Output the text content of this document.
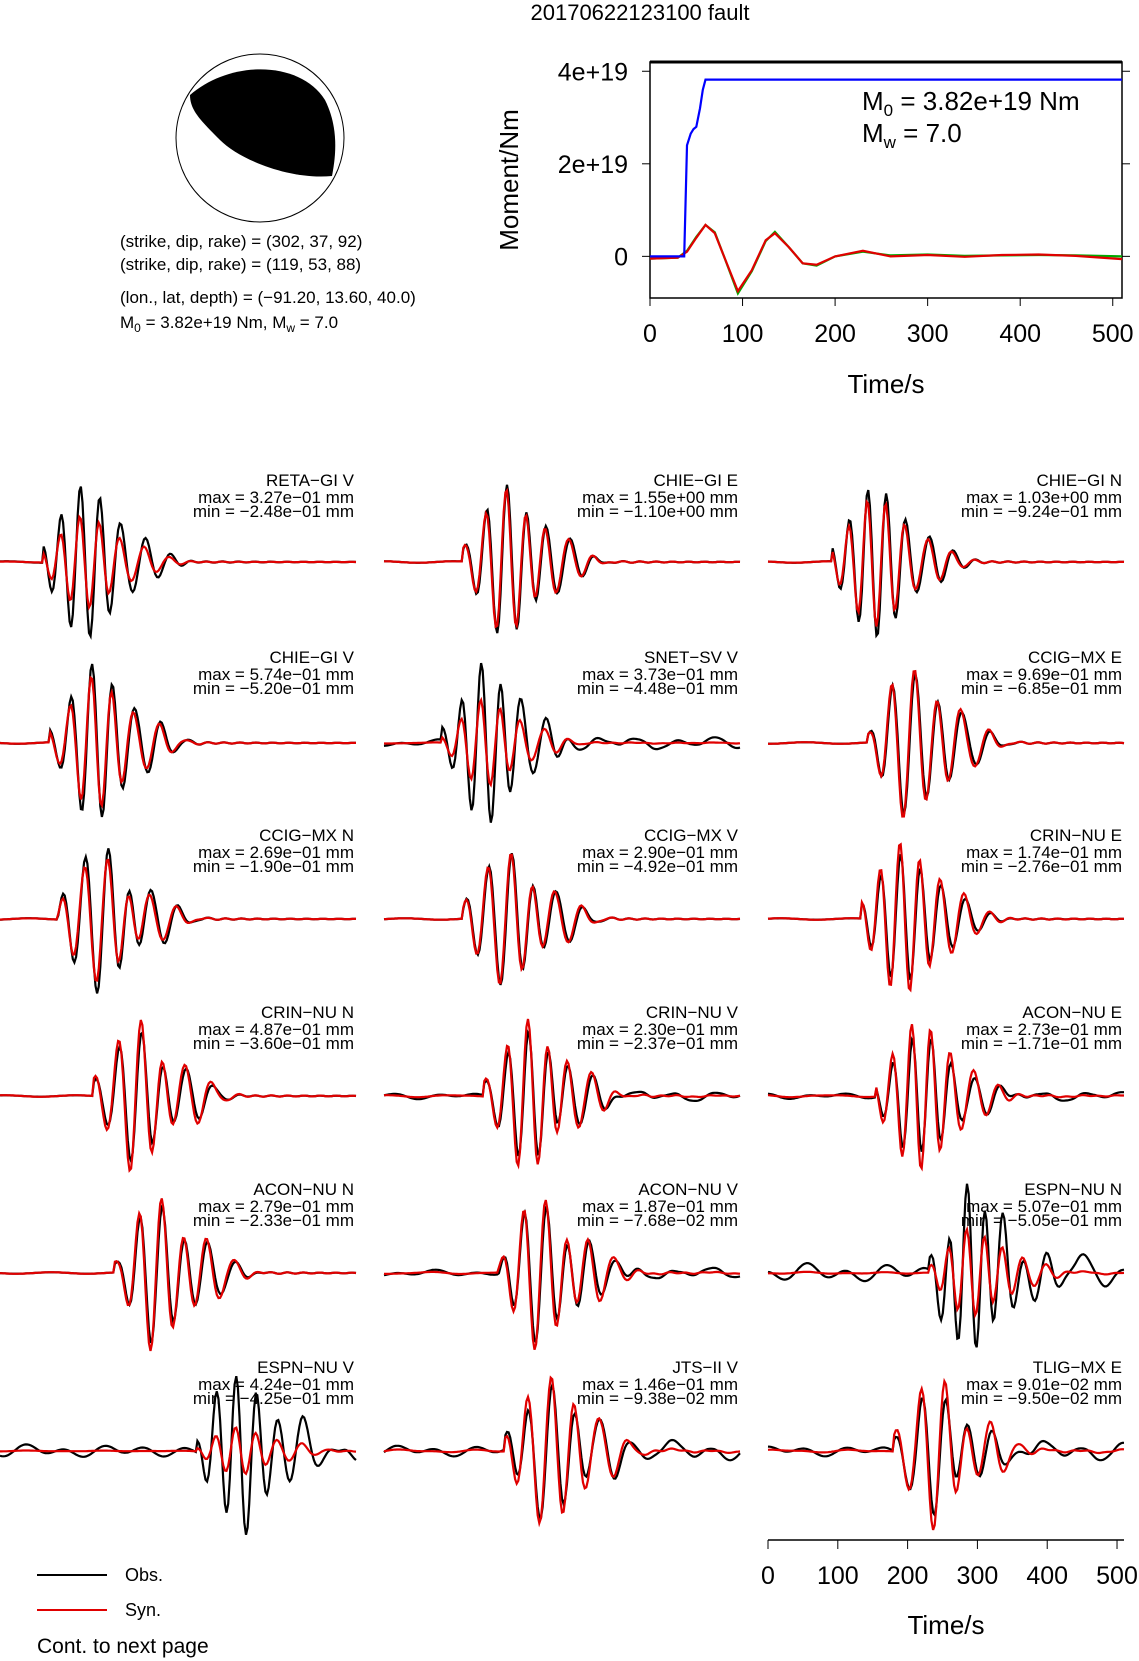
20170622123100 fault
(strike, dip, rake) = (302, 37, 92)
(strike, dip, rake) = (119, 53, 88)
(lon., lat, depth) = (−91.20, 13.60, 40.0)
$M_0 = 3.82e+19$ Nm, $M_w = 7.0$	0	100 200 300 400 500
0
2e+19
4e+19
Time/s
Moment/Nm
$M_0 = 3.82e+19$ Nm
$M_w = 7.0$
RETA−GI V
max = 3.27e−01 mm
min = −2.48e−01 mm
CHIE−GI E
max = 1.55e+00 mm
min = −1.10e+00 mm
CHIE−GI N
max = 1.03e+00 mm
min = −9.24e−01 mm
CHIE−GI V
max = 5.74e−01 mm
min = −5.20e−01 mm
SNET−SV V
max = 3.73e−01 mm
min = −4.48e−01 mm
CCIG−MX E
max = 9.69e−01 mm
min = −6.85e−01 mm
CCIG−MX N
max = 2.69e−01 mm
min = −1.90e−01 mm
CCIG−MX V
max = 2.90e−01 mm
min = −4.92e−01 mm
CRIN−NU E
max = 1.74e−01 mm
min = −2.76e−01 mm
CRIN−NU N
max = 4.87e−01 mm
min = −3.60e−01 mm
CRIN−NU V
max = 2.30e−01 mm
min = −2.37e−01 mm
ACON−NU E
max = 2.73e−01 mm
min = −1.71e−01 mm
ACON−NU N
max = 2.79e−01 mm
min = −2.33e−01 mm
ACON−NU V
max = 1.87e−01 mm
min = −7.68e−02 mm
ESPN−NU N
max = 5.07e−01 mm
min = −5.05e−01 mm
ESPN−NU V
max = 4.24e−01 mm
min = −4.25e−01 mm
JTS−II V
max = 1.46e−01 mm
min = −9.38e−02 mm
TLIG−MX E
max = 9.01e−02 mm
min = −9.50e−02 mm
0 100 200 300 400 500
Time/s
Obs.
Syn.
Cont. to next page
